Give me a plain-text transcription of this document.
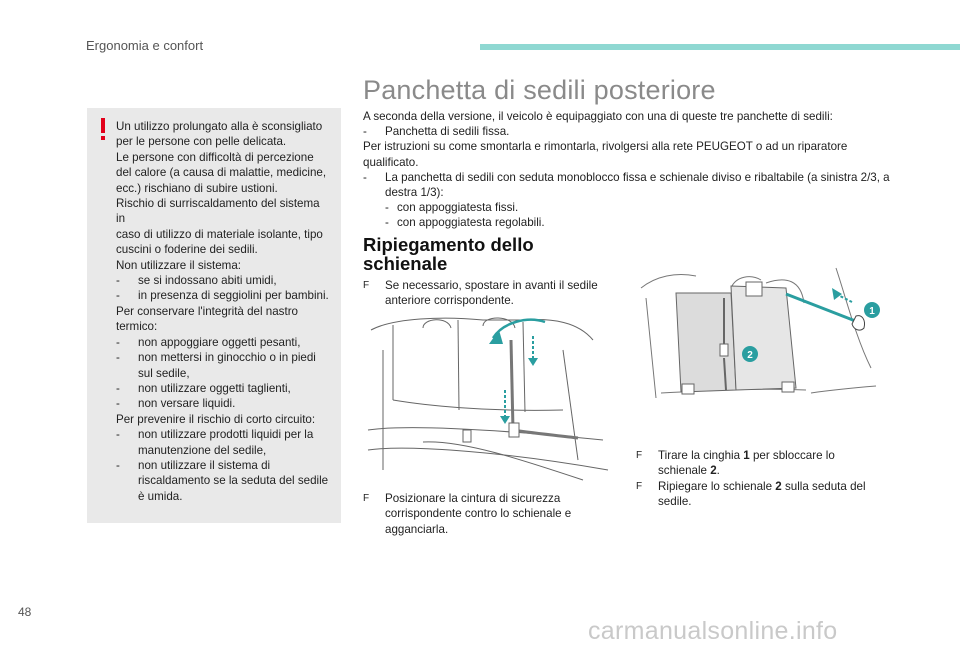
Ergonomia e confort
Un utilizzo prolungato alla è sconsigliato
per le persone con pelle delicata.
Le persone con difficoltà di percezione
del calore (a causa di malattie, medicine,
ecc.) rischiano di subire ustioni.
Rischio di surriscaldamento del sistema in
caso di utilizzo di materiale isolante, tipo
cuscini o foderine dei sedili.
Non utilizzare il sistema:
-	se si indossano abiti umidi,
-	in presenza di seggiolini per bambini.
Per conservare l'integrità del nastro
termico:
-	non appoggiare oggetti pesanti,
-	non mettersi in ginocchio o in piedi sul sedile,
-	non utilizzare oggetti taglienti,
-	non versare liquidi.
Per prevenire il rischio di corto circuito:
-	non utilizzare prodotti liquidi per la manutenzione del sedile,
-	non utilizzare il sistema di riscaldamento se la seduta del sedile è umida.
Panchetta di sedili posteriore
A seconda della versione, il veicolo è equipaggiato con una di queste tre panchette di sedili:
-	Panchetta di sedili fissa.
Per istruzioni su come smontarla e rimontarla, rivolgersi alla rete PEUGEOT o ad un riparatore qualificato.
-	La panchetta di sedili con seduta monoblocco fissa e schienale diviso e ribaltabile (a sinistra 2/3, a destra 1/3):
- con appoggiatesta fissi.
- con appoggiatesta regolabili.
Ripiegamento dello
schienale
F	Se necessario, spostare in avanti il sedile anteriore corrispondente.
F	Posizionare la cintura di sicurezza corrispondente contro lo schienale e agganciarla.
1
2
F	Tirare la cinghia 1 per sbloccare lo schienale 2.
F	Ripiegare lo schienale 2 sulla seduta del sedile.
48
carmanualsonline.info
